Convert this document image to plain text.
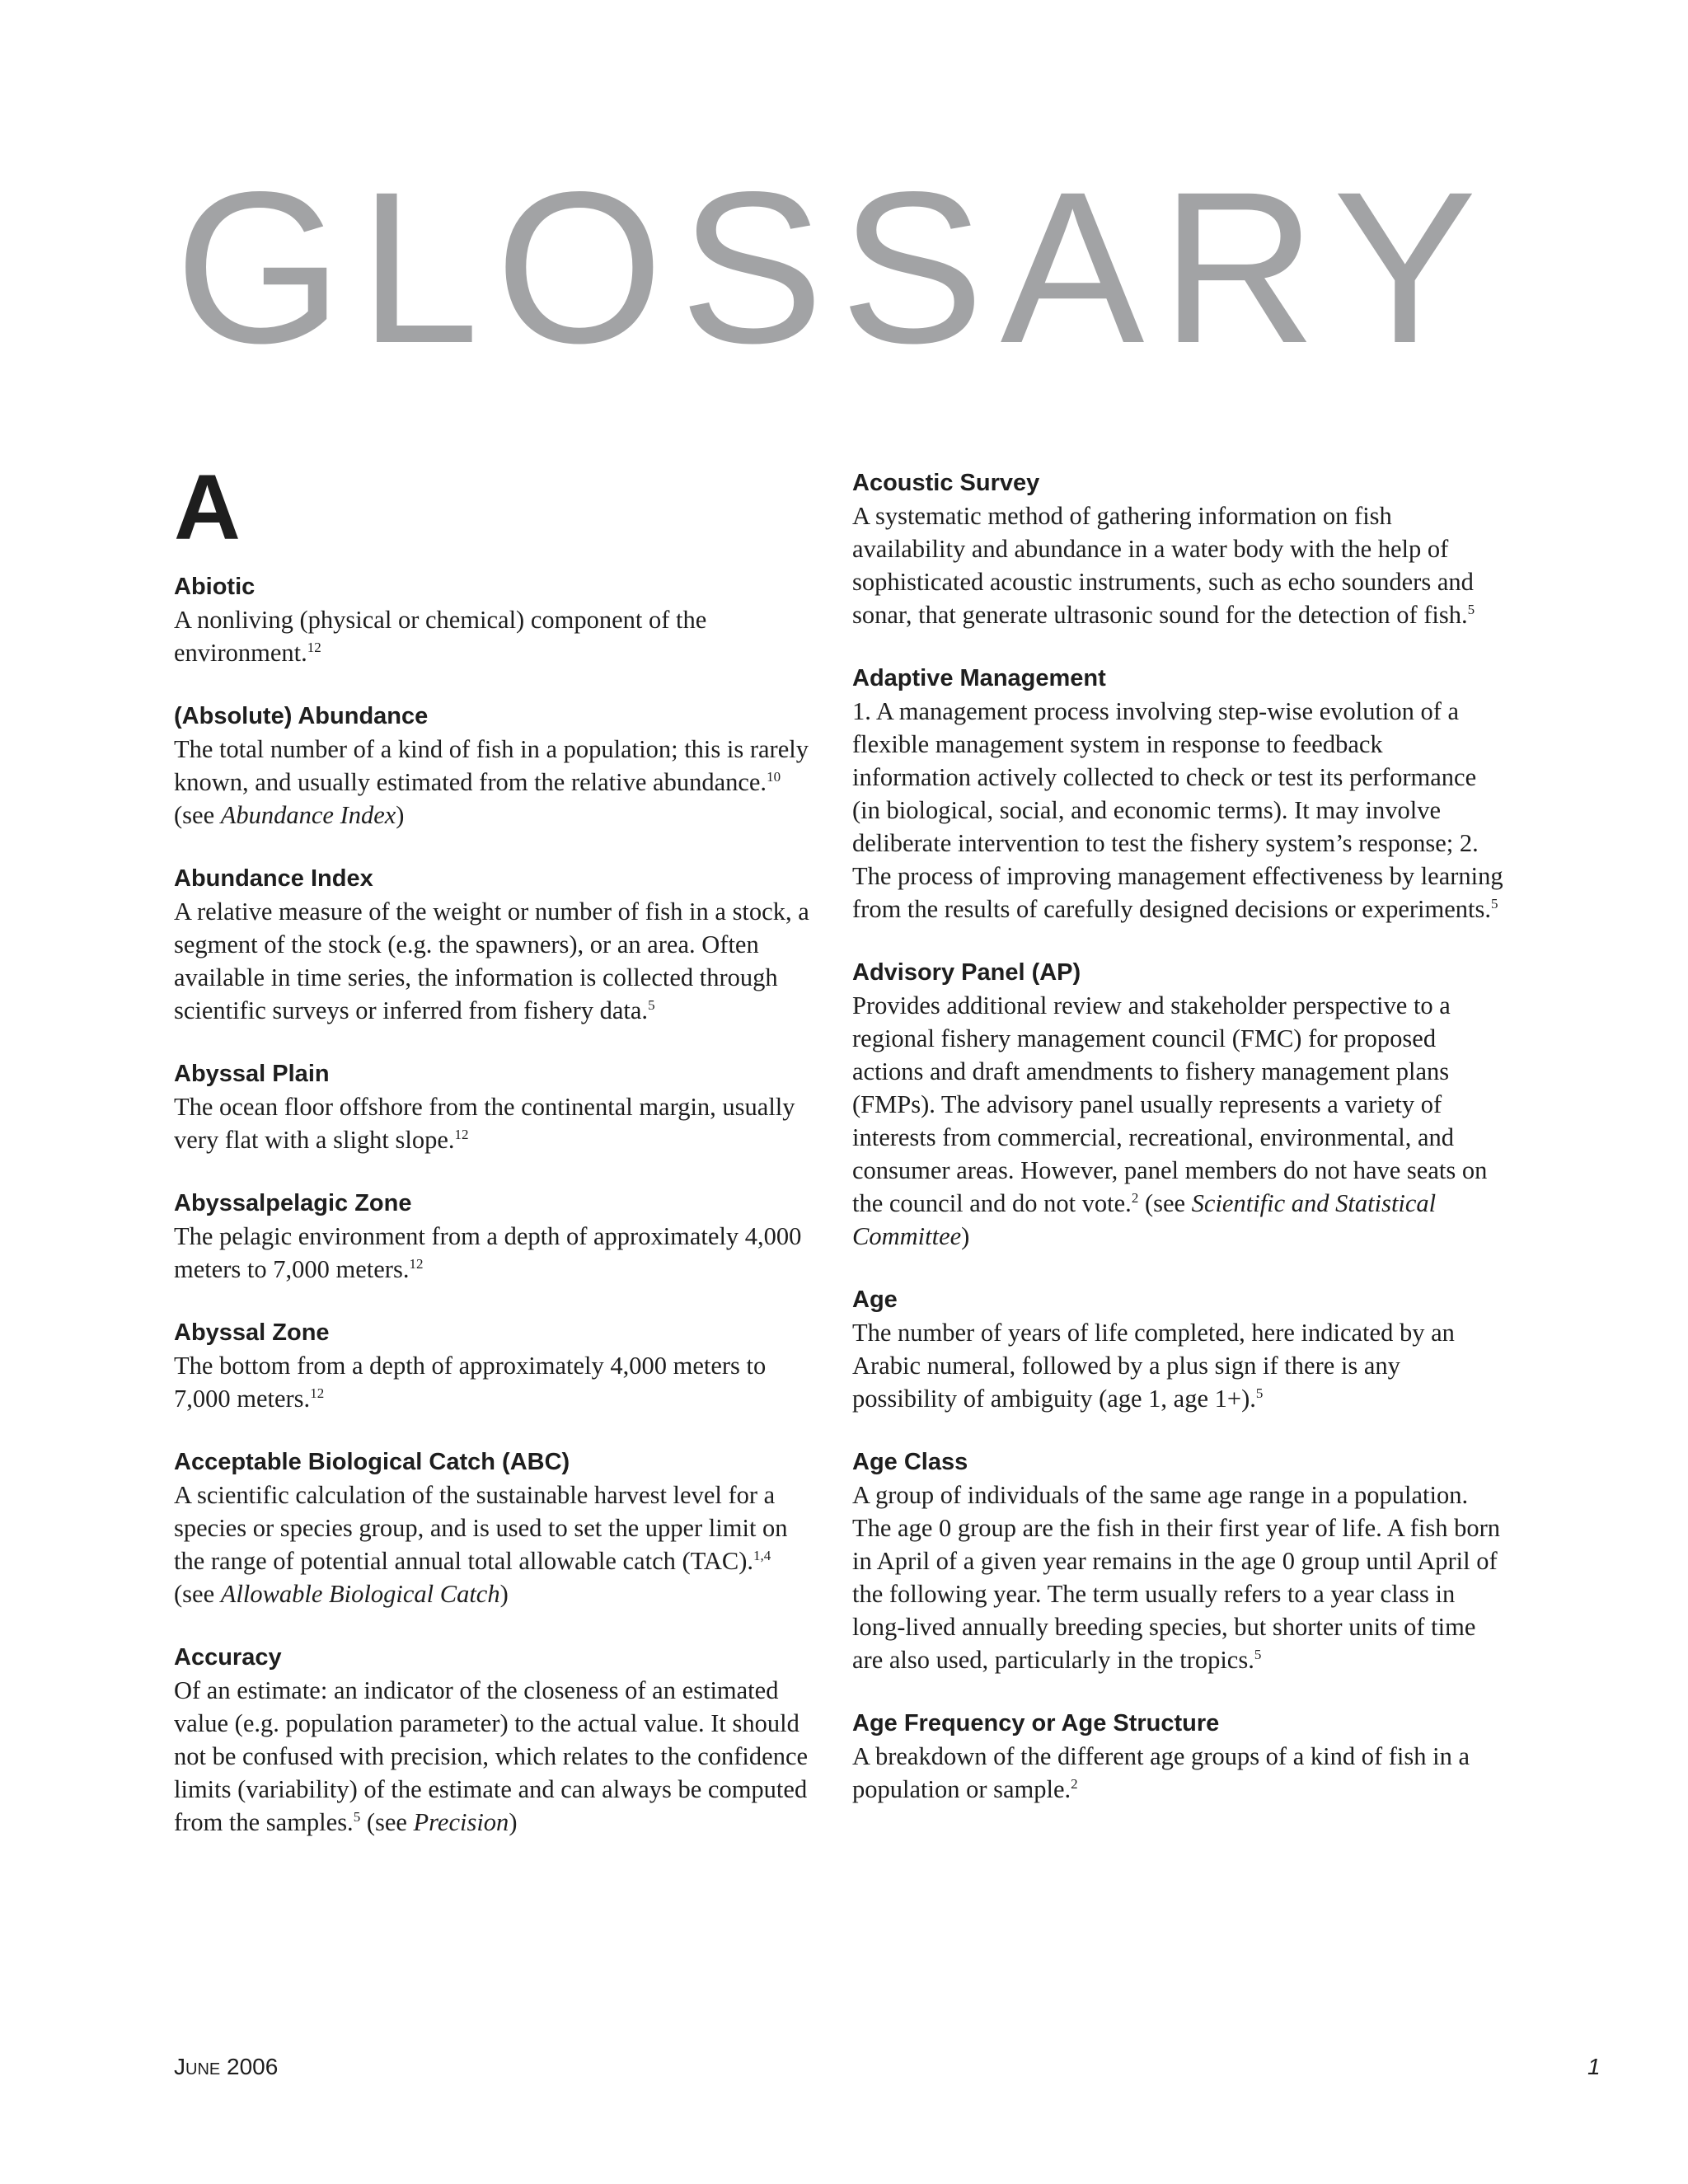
G L O S S A R Y
A
Abiotic
A nonliving (physical or chemical) component of the environment.$^{12}$
(Absolute) Abundance
The total number of a kind of fish in a population; this is rarely known, and usually estimated from the relative abundance.$^{10}$ (see Abundance Index)
Abundance Index
A relative measure of the weight or number of fish in a stock, a segment of the stock (e.g. the spawners), or an area. Often available in time series, the information is collected through scientific surveys or inferred from fishery data.$^5$
Abyssal Plain
The ocean floor offshore from the continental margin, usually very flat with a slight slope.$^{12}$
Abyssalpelagic Zone
The pelagic environment from a depth of approximately 4,000 meters to 7,000 meters.$^{12}$
Abyssal Zone
The bottom from a depth of approximately 4,000 meters to 7,000 meters.$^{12}$
Acceptable Biological Catch (ABC)
A scientific calculation of the sustainable harvest level for a species or species group, and is used to set the upper limit on the range of potential annual total allowable catch (TAC).$^{1,4}$ (see Allowable Biological Catch)
Accuracy
Of an estimate: an indicator of the closeness of an estimated value (e.g. population parameter) to the actual value. It should not be confused with precision, which relates to the confidence limits (variability) of the estimate and can always be computed from the samples.$^5$ (see Precision)
Acoustic Survey
A systematic method of gathering information on fish availability and abundance in a water body with the help of sophisticated acoustic instruments, such as echo sounders and sonar, that generate ultrasonic sound for the detection of fish.$^5$
Adaptive Management
1. A management process involving step-wise evolution of a flexible management system in response to feedback information actively collected to check or test its performance (in biological, social, and economic terms). It may involve deliberate intervention to test the fishery system’s response; 2. The process of improving management effectiveness by learning from the results of carefully designed decisions or experiments.$^5$
Advisory Panel (AP)
Provides additional review and stakeholder perspective to a regional fishery management council (FMC) for proposed actions and draft amendments to fishery management plans (FMPs). The advisory panel usually represents a variety of interests from commercial, recreational, environmental, and consumer areas. However, panel members do not have seats on the council and do not vote.$^2$ (see Scientific and Statistical Committee)
Age
The number of years of life completed, here indicated by an Arabic numeral, followed by a plus sign if there is any possibility of ambiguity (age 1, age 1+).$^5$
Age Class
A group of individuals of the same age range in a population. The age 0 group are the fish in their first year of life. A fish born in April of a given year remains in the age 0 group until April of the following year. The term usually refers to a year class in long-lived annually breeding species, but shorter units of time are also used, particularly in the tropics.$^5$
Age Frequency or Age Structure
A breakdown of the different age groups of a kind of fish in a population or sample.$^2$
JUNE 2006	1
